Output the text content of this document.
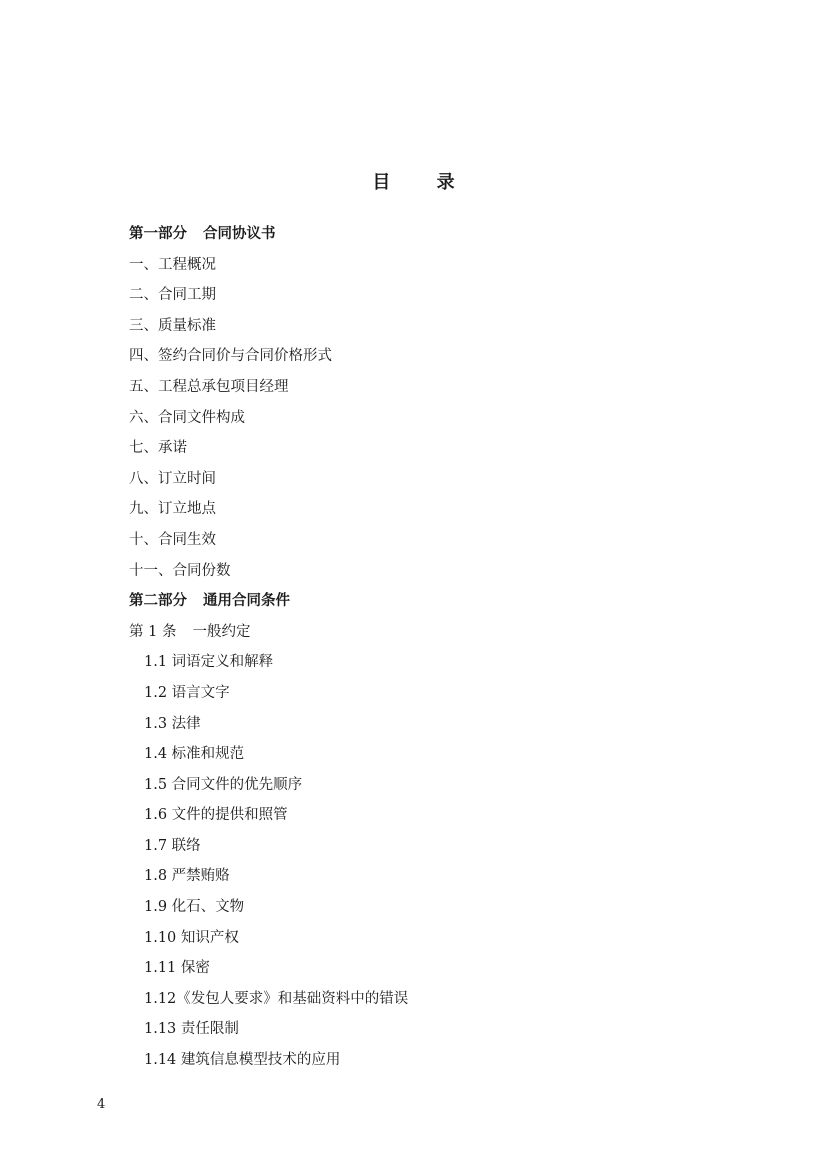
目 录
第一部分 合同协议书
一、工程概况
二、合同工期
三、质量标准
四、签约合同价与合同价格形式
五、工程总承包项目经理
六、合同文件构成
七、承诺
八、订立时间
九、订立地点
十、合同生效
十一、合同份数
第二部分 通用合同条件
第 1 条 一般约定
1.1 词语定义和解释
1.2 语言文字
1.3 法律
1.4 标准和规范
1.5 合同文件的优先顺序
1.6 文件的提供和照管
1.7 联络
1.8 严禁贿赂
1.9 化石、文物
1.10 知识产权
1.11 保密
1.12《发包人要求》和基础资料中的错误
1.13 责任限制
1.14 建筑信息模型技术的应用
4
